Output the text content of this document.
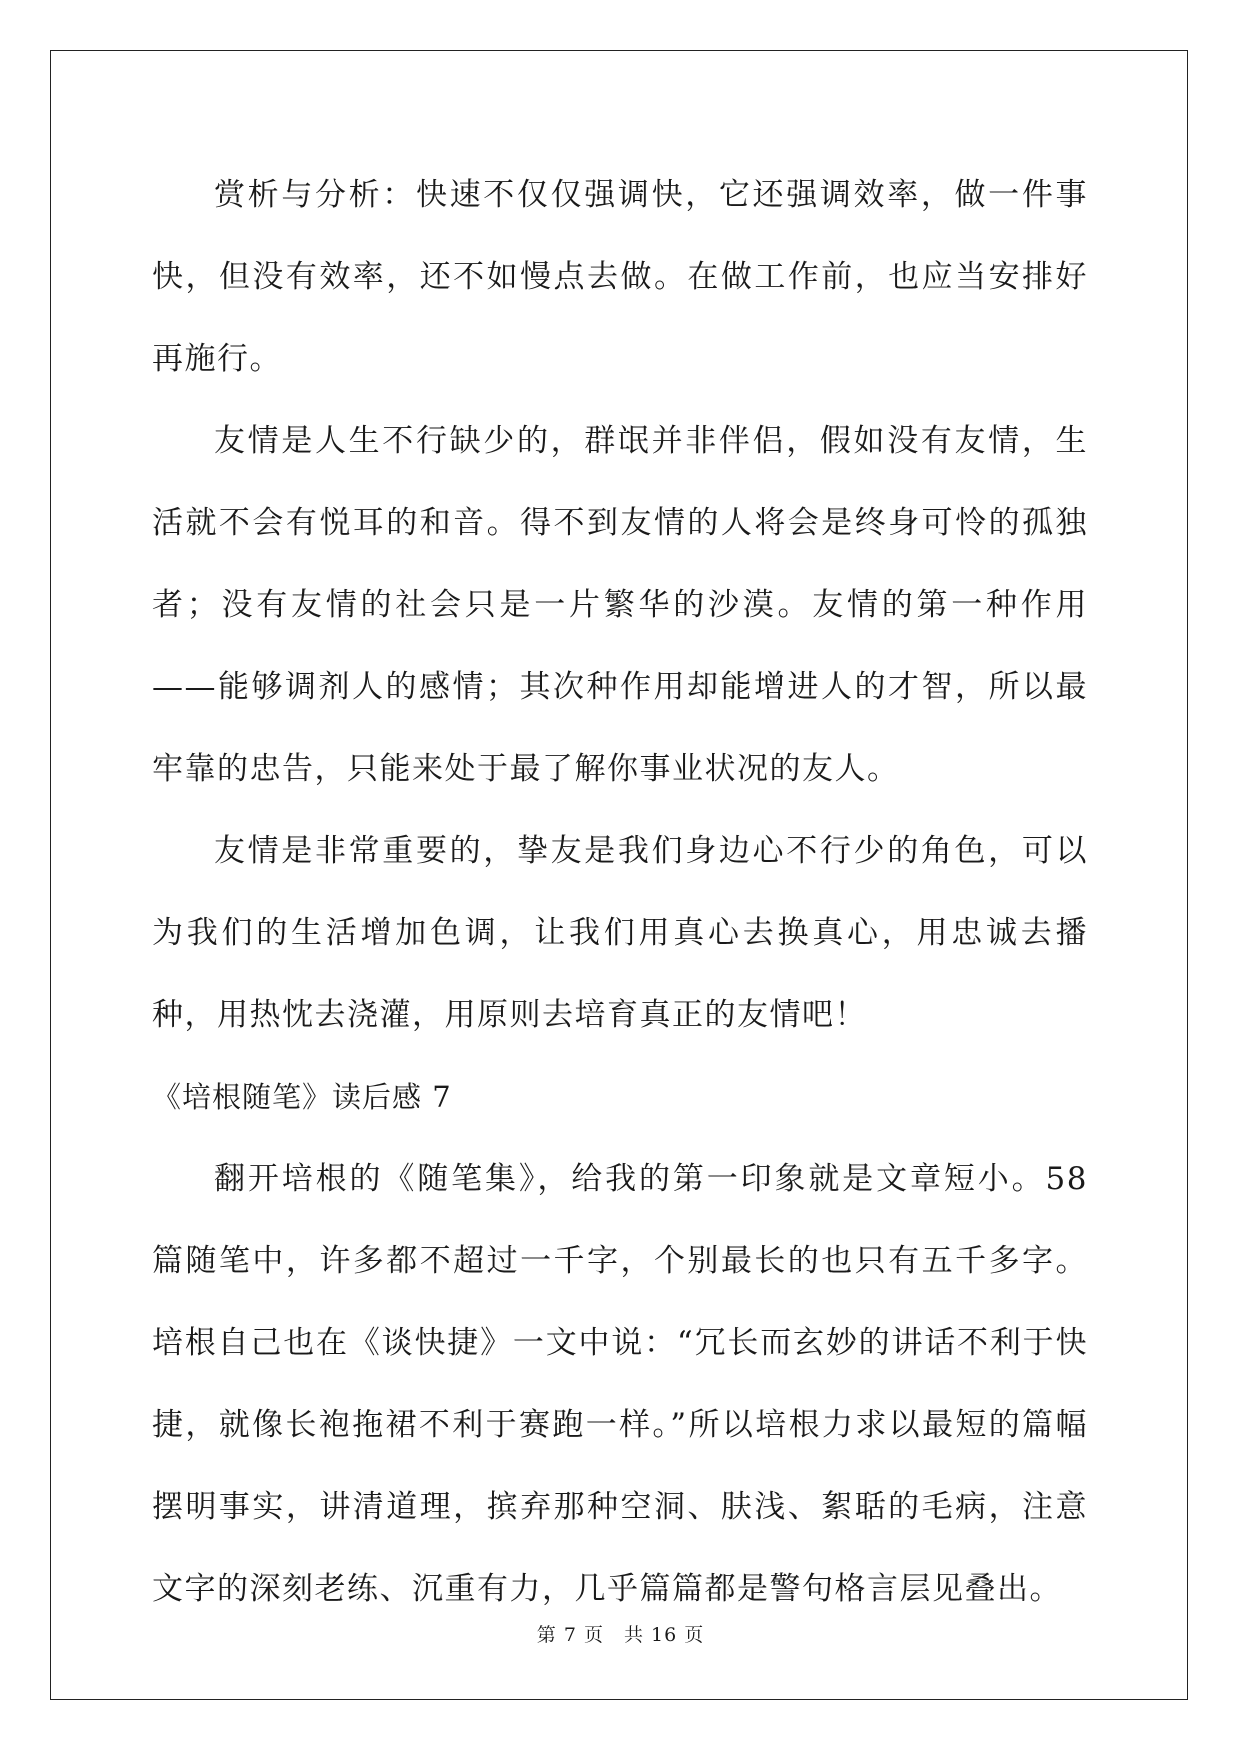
赏析与分析：快速不仅仅强调快，它还强调效率，做一件事快，但没有效率，还不如慢点去做。在做工作前，也应当安排好再施行。

友情是人生不行缺少的，群氓并非伴侣，假如没有友情，生活就不会有悦耳的和音。得不到友情的人将会是终身可怜的孤独者；没有友情的社会只是一片繁华的沙漠。友情的第一种作用——能够调剂人的感情；其次种作用却能增进人的才智，所以最牢靠的忠告，只能来处于最了解你事业状况的友人。

友情是非常重要的，挚友是我们身边心不行少的角色，可以为我们的生活增加色调，让我们用真心去换真心，用忠诚去播种，用热忱去浇灌，用原则去培育真正的友情吧！

《培根随笔》读后感 7

翻开培根的《随笔集》，给我的第一印象就是文章短小。58 篇随笔中，许多都不超过一千字，个别最长的也只有五千多字。培根自己也在《谈快捷》一文中说：“冗长而玄妙的讲话不利于快捷，就像长袍拖裙不利于赛跑一样。”所以培根力求以最短的篇幅摆明事实，讲清道理，摈弃那种空洞、肤浅、絮聒的毛病，注意文字的深刻老练、沉重有力，几乎篇篇都是警句格言层见叠出。

第 7 页 共 16 页
